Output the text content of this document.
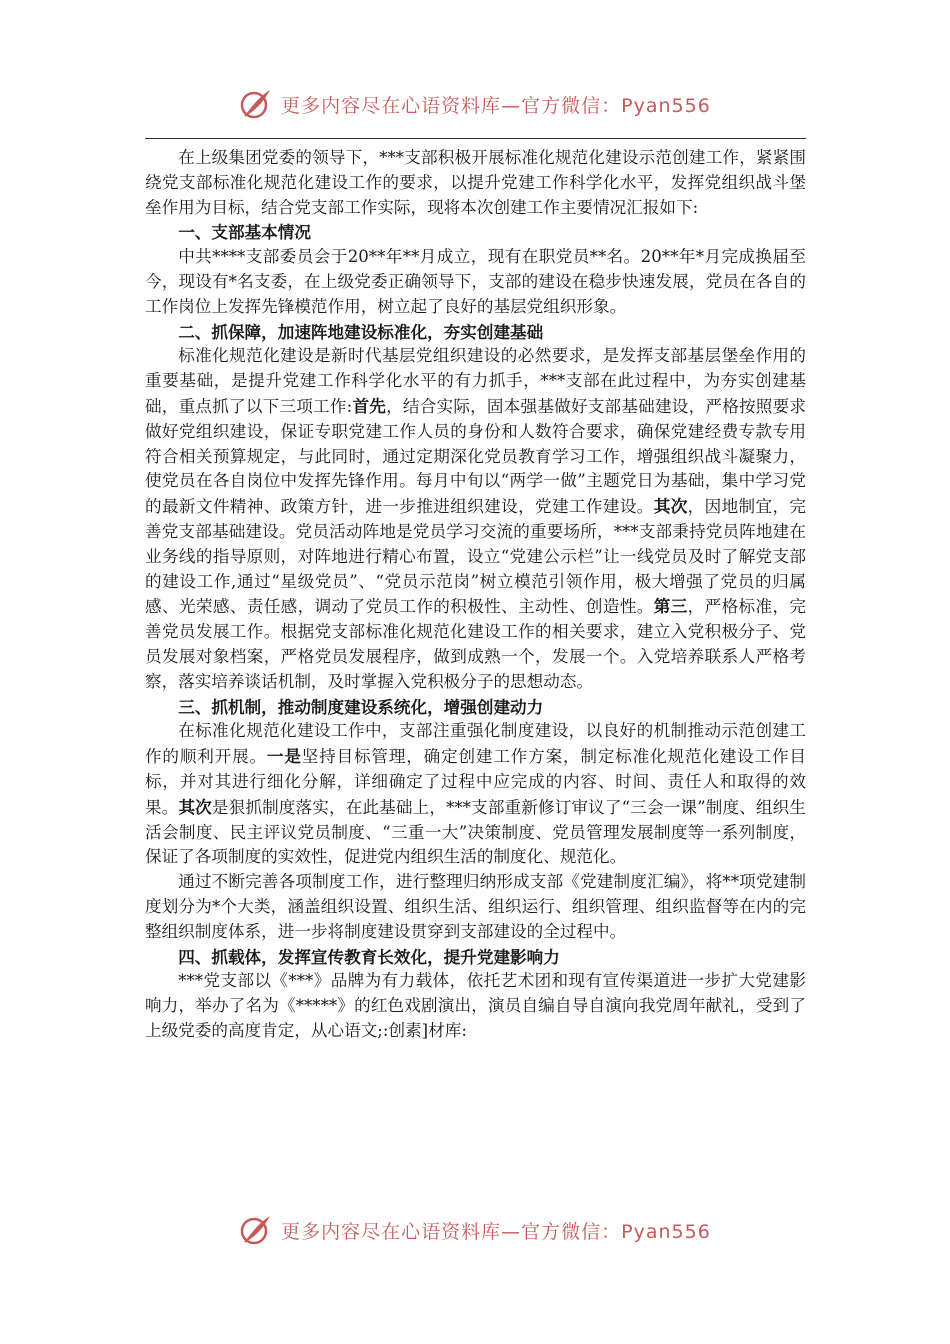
更多内容尽在心语资料库—官方微信：Pyan556

在上级集团党委的领导下，***支部积极开展标准化规范化建设示范创建工作，紧紧围绕党支部标准化规范化建设工作的要求，以提升党建工作科学化水平，发挥党组织战斗堡垒作用为目标，结合党支部工作实际，现将本次创建工作主要情况汇报如下:

一、支部基本情况

中共****支部委员会于20**年**月成立，现有在职党员**名。20**年*月完成换届至今，现设有*名支委，在上级党委正确领导下，支部的建设在稳步快速发展，党员在各自的工作岗位上发挥先锋模范作用，树立起了良好的基层党组织形象。

二、抓保障，加速阵地建设标准化，夯实创建基础

标准化规范化建设是新时代基层党组织建设的必然要求，是发挥支部基层堡垒作用的重要基础，是提升党建工作科学化水平的有力抓手，***支部在此过程中，为夯实创建基础，重点抓了以下三项工作:首先，结合实际，固本强基做好支部基础建设，严格按照要求做好党组织建设，保证专职党建工作人员的身份和人数符合要求，确保党建经费专款专用符合相关预算规定，与此同时，通过定期深化党员教育学习工作，增强组织战斗凝聚力，使党员在各自岗位中发挥先锋作用。每月中旬以“两学一做”主题党日为基础，集中学习党的最新文件精神、政策方针，进一步推进组织建设，党建工作建设。其次，因地制宜，完善党支部基础建设。党员活动阵地是党员学习交流的重要场所，***支部秉持党员阵地建在业务线的指导原则，对阵地进行精心布置，设立“党建公示栏”让一线党员及时了解党支部的建设工作,通过“星级党员”、“党员示范岗”树立模范引领作用，极大增强了党员的归属感、光荣感、责任感，调动了党员工作的积极性、主动性、创造性。第三，严格标准，完善党员发展工作。根据党支部标准化规范化建设工作的相关要求，建立入党积极分子、党员发展对象档案，严格党员发展程序，做到成熟一个，发展一个。入党培养联系人严格考察，落实培养谈话机制，及时掌握入党积极分子的思想动态。

三、抓机制，推动制度建设系统化，增强创建动力

在标准化规范化建设工作中，支部注重强化制度建设，以良好的机制推动示范创建工作的顺利开展。一是坚持目标管理，确定创建工作方案，制定标准化规范化建设工作目标，并对其进行细化分解，详细确定了过程中应完成的内容、时间、责任人和取得的效果。其次是狠抓制度落实，在此基础上，***支部重新修订审议了“三会一课”制度、组织生活会制度、民主评议党员制度、“三重一大”决策制度、党员管理发展制度等一系列制度，保证了各项制度的实效性，促进党内组织生活的制度化、规范化。

通过不断完善各项制度工作，进行整理归纳形成支部《党建制度汇编》，将**项党建制度划分为*个大类，涵盖组织设置、组织生活、组织运行、组织管理、组织监督等在内的完整组织制度体系，进一步将制度建设贯穿到支部建设的全过程中。

四、抓载体，发挥宣传教育长效化，提升党建影响力

***党支部以《***》品牌为有力载体，依托艺术团和现有宣传渠道进一步扩大党建影响力，举办了名为《*****》的红色戏剧演出，演员自编自导自演向我党周年献礼，受到了上级党委的高度肯定，从心语文;:创素]材库:

更多内容尽在心语资料库—官方微信：Pyan556
